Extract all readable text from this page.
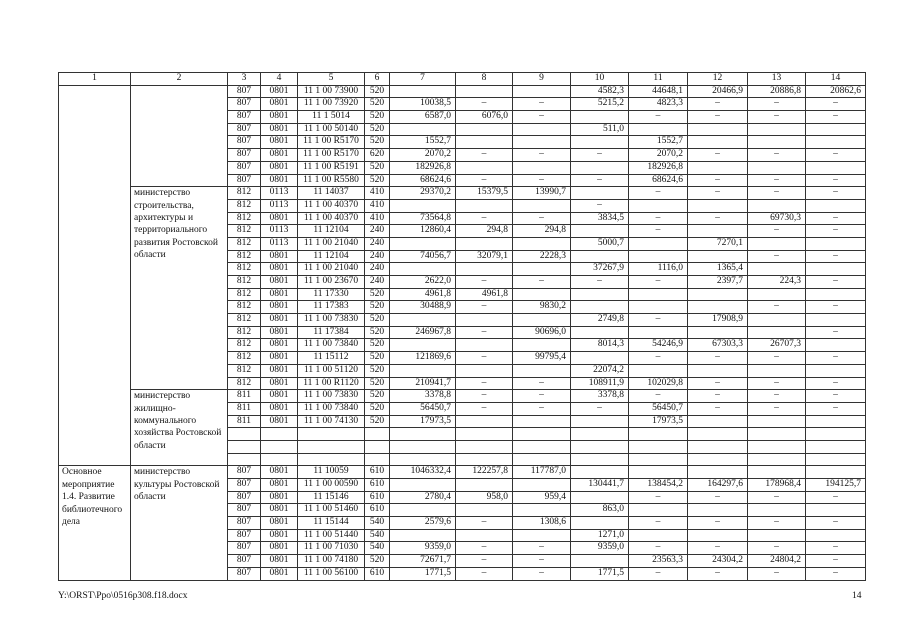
1	2	3	4	5	6	7	8	9	10	11	12	13	14
		807	0801	11 1 00 73900	520				4582,3	44648,1	20466,9	20886,8	20862,6
		807	0801	11 1 00 73920	520	10038,5	–	–	5215,2	4823,3	–	–	–
		807	0801	11 1 5014	520	6587,0	6076,0	–		–	–	–	–
		807	0801	11 1 00 50140	520				511,0				
		807	0801	11 1 00 R5170	520	1552,7				1552,7			
		807	0801	11 1 00 R5170	620	2070,2	–	–	–	2070,2	–	–	–
		807	0801	11 1 00 R5191	520	182926,8				182926,8			
		807	0801	11 1 00 R5580	520	68624,6	–	–	–	68624,6	–	–	–
	министерство строительства, архитектуры и территориального развития Ростовской области	812	0113	11 14037	410	29370,2	15379,5	13990,7		–	–	–	–
		812	0113	11 1 00 40370	410				–				
		812	0801	11 1 00 40370	410	73564,8	–	–	3834,5	–	–	69730,3	–
		812	0113	11 12104	240	12860,4	294,8	294,8		–		–	–
		812	0113	11 1 00 21040	240				5000,7		7270,1		
		812	0801	11 12104	240	74056,7	32079,1	2228,3				–	–
		812	0801	11 1 00 21040	240				37267,9	1116,0	1365,4		
		812	0801	11 1 00 23670	240	2622,0	–	–	–	–	2397,7	224,3	–
		812	0801	11 17330	520	4961,8	4961,8						
		812	0801	11 17383	520	30488,9	–	9830,2				–	–
		812	0801	11 1 00 73830	520				2749,8	–	17908,9		
		812	0801	11 17384	520	246967,8	–	90696,0					–
		812	0801	11 1 00 73840	520				8014,3	54246,9	67303,3	26707,3	
		812	0801	11 15112	520	121869,6	–	99795,4		–	–	–	–
		812	0801	11 1 00 51120	520				22074,2				
		812	0801	11 1 00 R1120	520	210941,7	–	–	108911,9	102029,8	–	–	–
	министерство жилищно-коммунального хозяйства Ростовской области	811	0801	11 1 00 73830	520	3378,8	–	–	3378,8	–	–	–	–
		811	0801	11 1 00 73840	520	56450,7	–	–	–	56450,7	–	–	–
		811	0801	11 1 00 74130	520	17973,5				17973,5			

Основное мероприятие 1.4. Развитие библиотечного дела	министерство культуры Ростовской области	807	0801	11 10059	610	1046332,4	122257,8	117787,0					
		807	0801	11 1 00 00590	610				130441,7	138454,2	164297,6	178968,4	194125,7
		807	0801	11 15146	610	2780,4	958,0	959,4		–	–	–	–
		807	0801	11 1 00 51460	610				863,0				
		807	0801	11 15144	540	2579,6	–	1308,6		–	–	–	–
		807	0801	11 1 00 51440	540				1271,0				
		807	0801	11 1 00 71030	540	9359,0	–	–	9359,0	–	–	–	–
		807	0801	11 1 00 74180	520	72671,7	–	–		23563,3	24304,2	24804,2	–
		807	0801	11 1 00 56100	610	1771,5	–	–	1771,5	–	–	–	–
Y:\ORST\Ppo\0516p308.f18.docx	14
